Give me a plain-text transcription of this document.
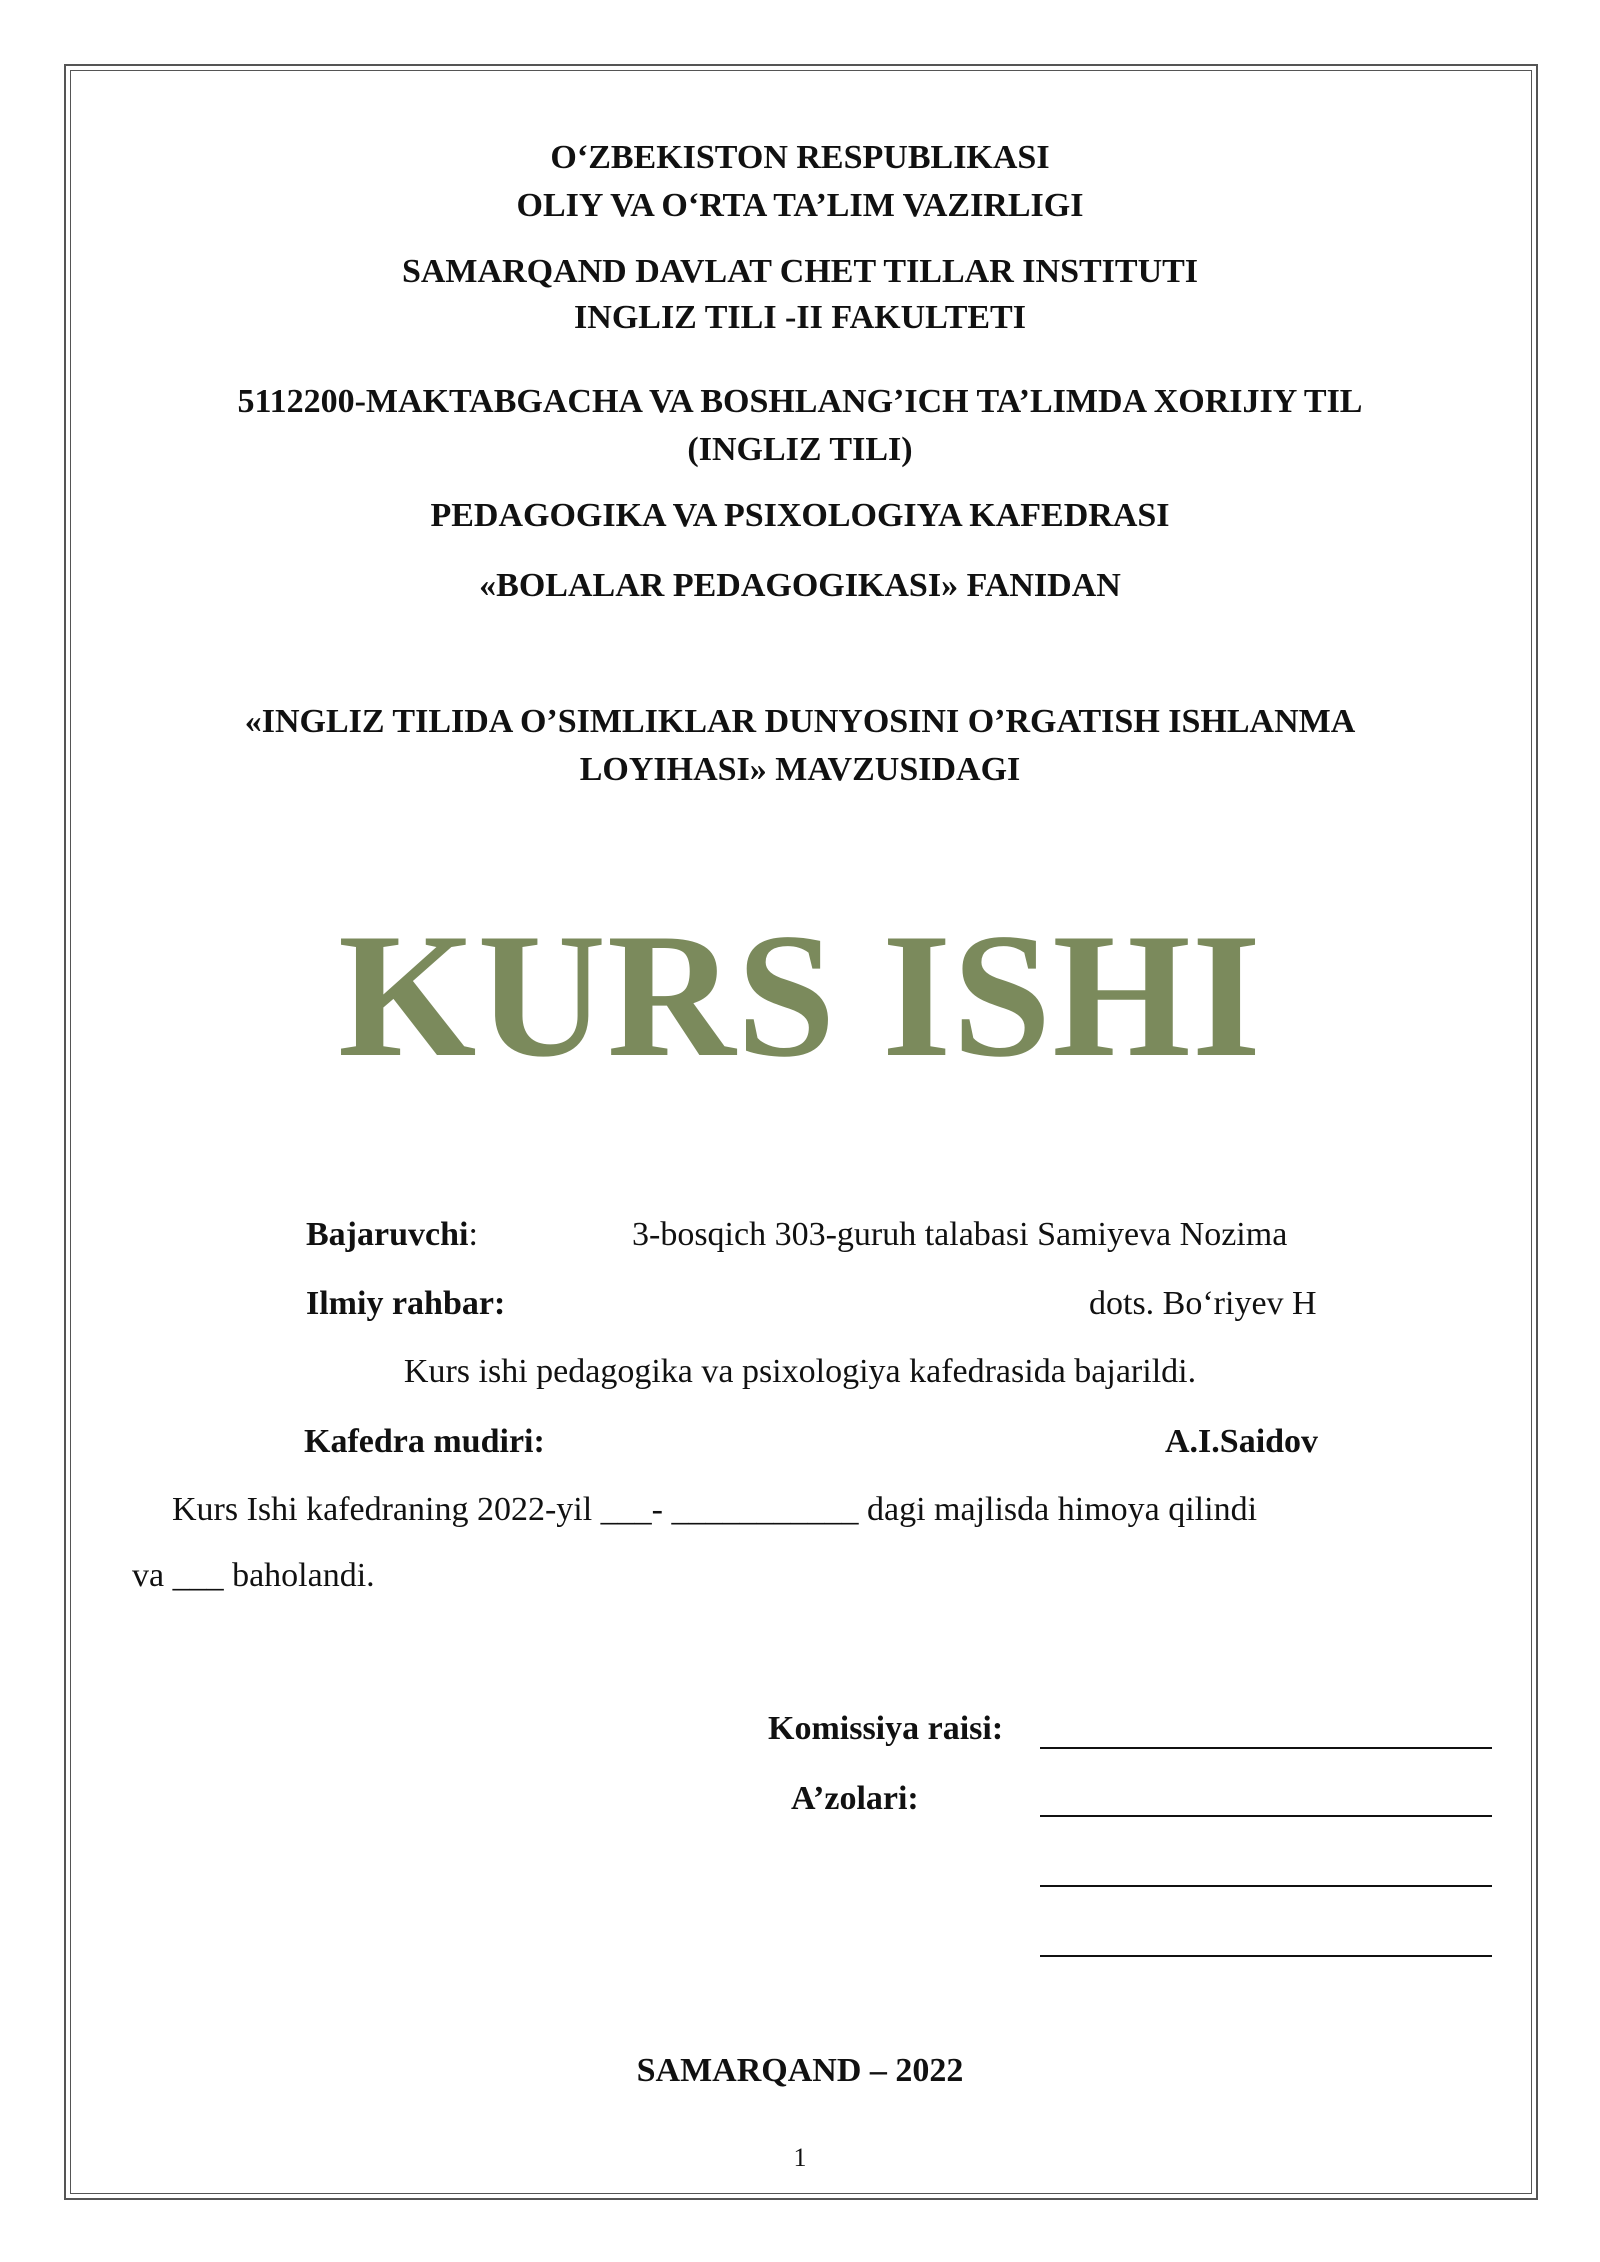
O‘ZBEKISTON RESPUBLIKASI
OLIY VA O‘RTA TA’LIM VAZIRLIGI
SAMARQAND DAVLAT CHET TILLAR INSTITUTI
INGLIZ TILI -II FAKULTETI
5112200-MAKTABGACHA VA BOSHLANG’ICH TA’LIMDA XORIJIY TIL
(INGLIZ TILI)
PEDAGOGIKA VA PSIXOLOGIYA KAFEDRASI
«BOLALAR PEDAGOGIKASI» FANIDAN
«INGLIZ TILIDA O’SIMLIKLAR DUNYOSINI O’RGATISH ISHLANMA
LOYIHASI» MAVZUSIDAGI
KURS ISHI
Bajaruvchi:	3-bosqich 303-guruh talabasi Samiyeva Nozima
Ilmiy rahbar:	dots. Bo‘riyev H
Kurs ishi pedagogika va psixologiya kafedrasida bajarildi.
Kafedra mudiri:	A.I.Saidov
Kurs Ishi kafedraning 2022-yil ___- ___________ dagi majlisda himoya qilindi
va ___ baholandi.
Komissiya raisi:
A’zolari:
SAMARQAND – 2022
1
